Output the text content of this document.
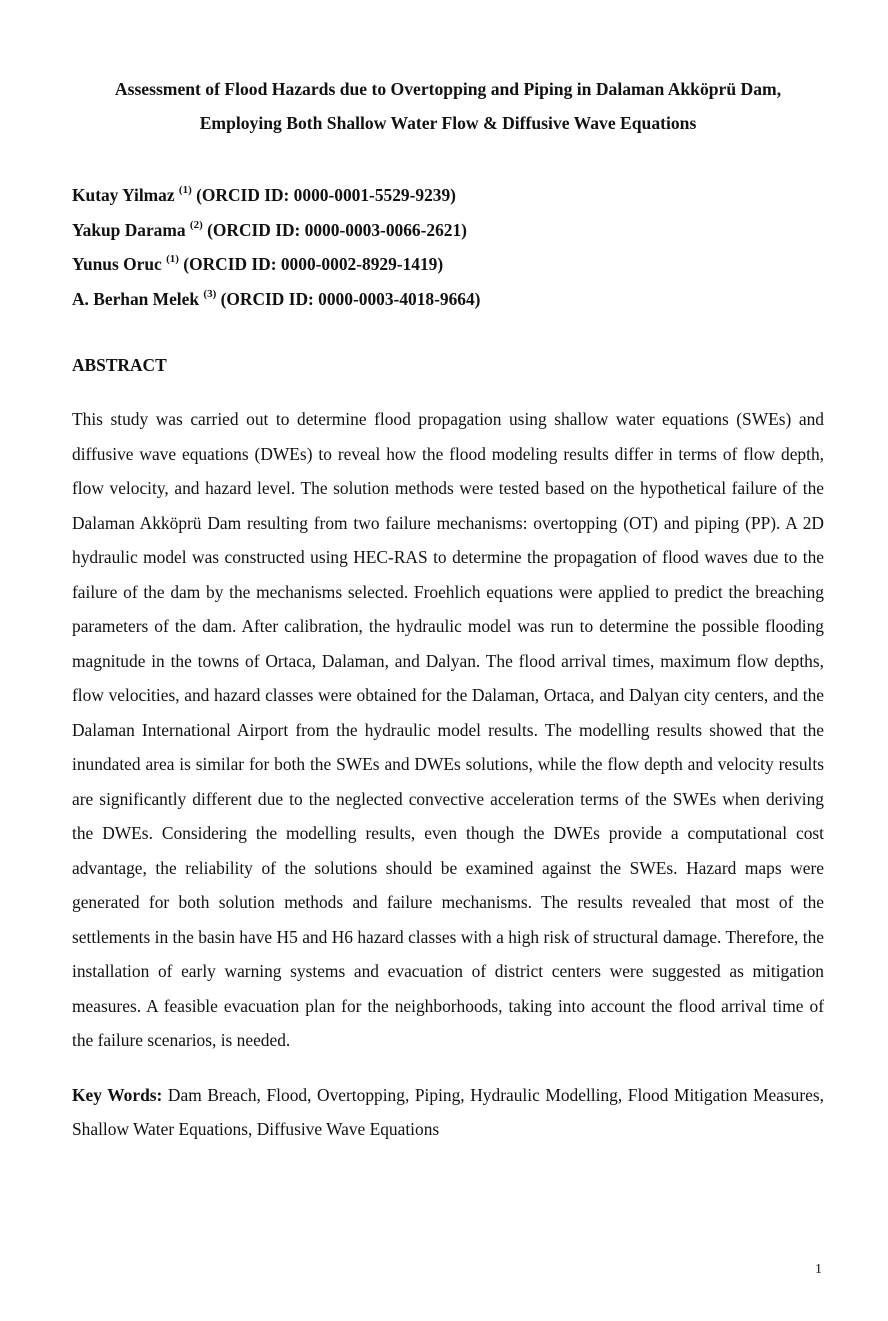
Assessment of Flood Hazards due to Overtopping and Piping in Dalaman Akköprü Dam, Employing Both Shallow Water Flow & Diffusive Wave Equations
Kutay Yilmaz $^{(1)}$ (ORCID ID: 0000-0001-5529-9239)
Yakup Darama $^{(2)}$ (ORCID ID: 0000-0003-0066-2621)
Yunus Oruc $^{(1)}$ (ORCID ID: 0000-0002-8929-1419)
A. Berhan Melek $^{(3)}$ (ORCID ID: 0000-0003-4018-9664)
ABSTRACT

This study was carried out to determine flood propagation using shallow water equations (SWEs) and diffusive wave equations (DWEs) to reveal how the flood modeling results differ in terms of flow depth, flow velocity, and hazard level. The solution methods were tested based on the hypothetical failure of the Dalaman Akköprü Dam resulting from two failure mechanisms: overtopping (OT) and piping (PP). A 2D hydraulic model was constructed using HEC-RAS to determine the propagation of flood waves due to the failure of the dam by the mechanisms selected. Froehlich equations were applied to predict the breaching parameters of the dam. After calibration, the hydraulic model was run to determine the possible flooding magnitude in the towns of Ortaca, Dalaman, and Dalyan. The flood arrival times, maximum flow depths, flow velocities, and hazard classes were obtained for the Dalaman, Ortaca, and Dalyan city centers, and the Dalaman International Airport from the hydraulic model results. The modelling results showed that the inundated area is similar for both the SWEs and DWEs solutions, while the flow depth and velocity results are significantly different due to the neglected convective acceleration terms of the SWEs when deriving the DWEs. Considering the modelling results, even though the DWEs provide a computational cost advantage, the reliability of the solutions should be examined against the SWEs. Hazard maps were generated for both solution methods and failure mechanisms. The results revealed that most of the settlements in the basin have H5 and H6 hazard classes with a high risk of structural damage. Therefore, the installation of early warning systems and evacuation of district centers were suggested as mitigation measures. A feasible evacuation plan for the neighborhoods, taking into account the flood arrival time of the failure scenarios, is needed.

Key Words: Dam Breach, Flood, Overtopping, Piping, Hydraulic Modelling, Flood Mitigation Measures, Shallow Water Equations, Diffusive Wave Equations

1
